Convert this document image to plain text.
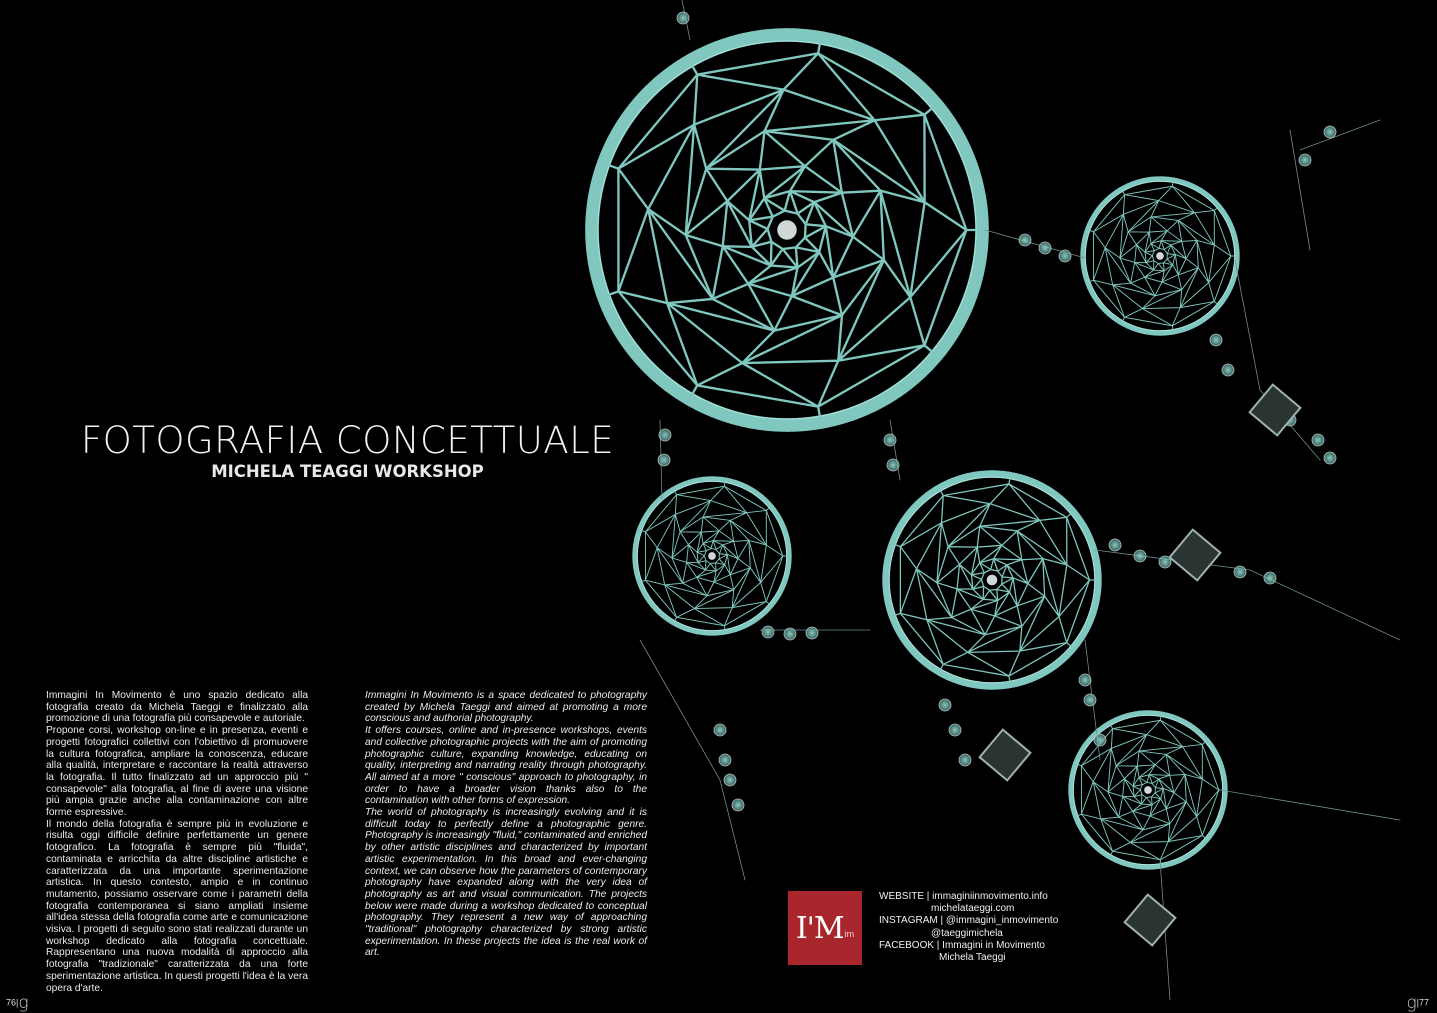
FOTOGRAFIA CONCETTUALE
MICHELA TEAGGI WORKSHOP

Immagini In Movimento è uno spazio dedicato alla fotografia creato da Michela Taeggi e finalizzato alla promozione di una fotografia più consapevole e autoriale.

Propone corsi, workshop on-line e in presenza, eventi e progetti fotografici collettivi con l'obiettivo di promuovere la cultura fotografica, ampliare la conoscenza, educare alla qualità, interpretare e raccontare la realtà attraverso la fotografia. Il tutto finalizzato ad un approccio più " consapevole" alla fotografia, al fine di avere una visione più ampia grazie anche alla contaminazione con altre forme espressive.

Il mondo della fotografia è sempre più in evoluzione e risulta oggi difficile definire perfettamente un genere fotografico. La fotografia è sempre più "fluida", contaminata e arricchita da altre discipline artistiche e caratterizzata da una importante sperimentazione artistica. In questo contesto, ampio e in continuo mutamento, possiamo osservare come i parametri della fotografia contemporanea si siano ampliati insieme all'idea stessa della fotografia come arte e comunicazione visiva. I progetti di seguito sono stati realizzati durante un workshop dedicato alla fotografia concettuale. Rappresentano una nuova modalità di approccio alla fotografia "tradizionale" caratterizzata da una forte sperimentazione artistica. In questi progetti l'idea è la vera opera d'arte.

Immagini In Movimento is a space dedicated to photography created by Michela Taeggi and aimed at promoting a more conscious and authorial photography.

It offers courses, online and in-presence workshops, events and collective photographic projects with the aim of promoting photographic culture, expanding knowledge, educating on quality, interpreting and narrating reality through photography. All aimed at a more " conscious" approach to photography, in order to have a broader vision thanks also to the contamination with other forms of expression.

The world of photography is increasingly evolving and it is difficult today to perfectly define a photographic genre. Photography is increasingly "fluid," contaminated and enriched by other artistic disciplines and characterized by important artistic experimentation. In this broad and ever-changing context, we can observe how the parameters of contemporary photography have expanded along with the very idea of photography as art and visual communication. The projects below were made during a workshop dedicated to conceptual photography. They represent a new way of approaching "traditional" photography characterized by strong artistic experimentation. In these projects the idea is the real work of art.

I'M im
WEBSITE | immaginiinmovimento.info
michelataeggi.com
INSTAGRAM | @immagini_inmovimento
@taeggimichela
FACEBOOK | Immagini in Movimento
Michela Taeggi
76|g	g|77
